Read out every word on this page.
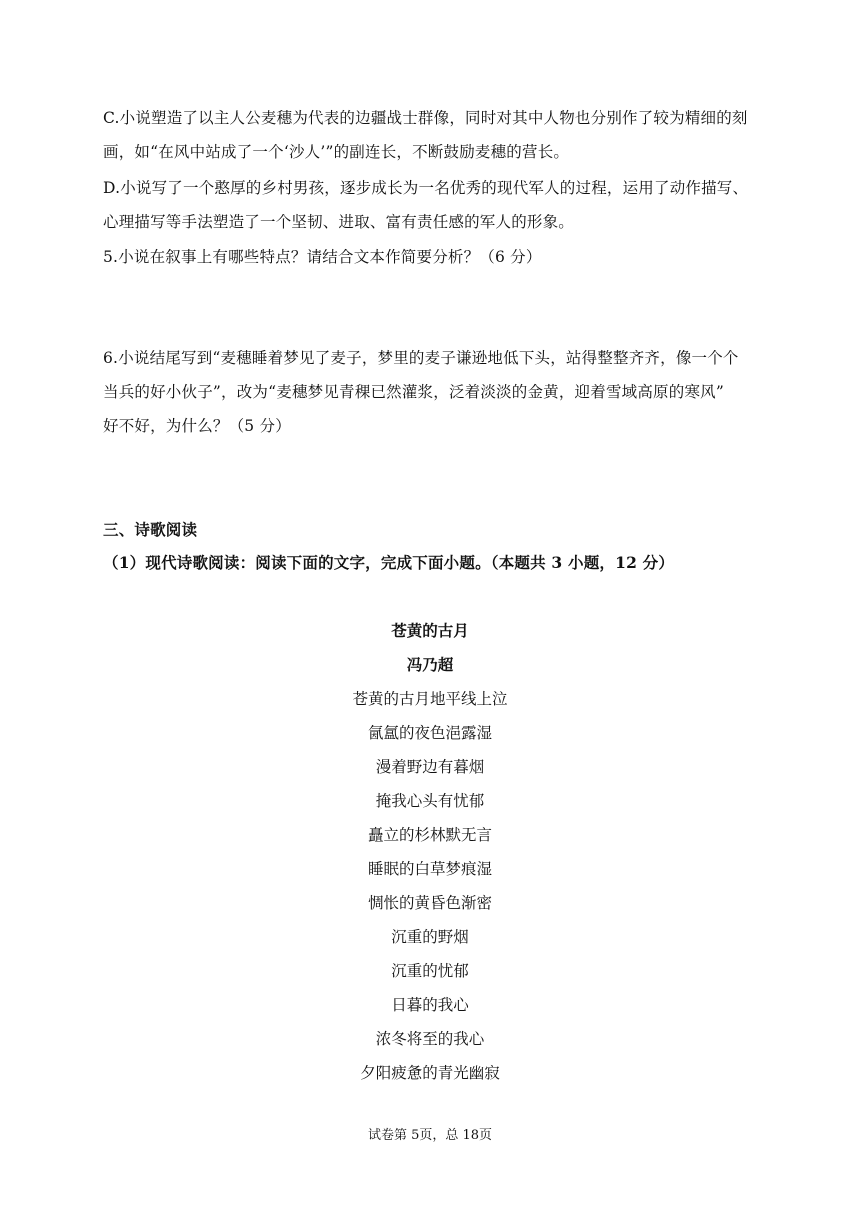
C.小说塑造了以主人公麦穗为代表的边疆战士群像，同时对其中人物也分别作了较为精细的刻
画，如“在风中站成了一个‘沙人’”的副连长，不断鼓励麦穗的营长。

D.小说写了一个憨厚的乡村男孩，逐步成长为一名优秀的现代军人的过程，运用了动作描写、
心理描写等手法塑造了一个坚韧、进取、富有责任感的军人的形象。

5.小说在叙事上有哪些特点？请结合文本作简要分析？（6 分）

6.小说结尾写到“麦穗睡着梦见了麦子，梦里的麦子谦逊地低下头，站得整整齐齐，像一个个
当兵的好小伙子”，改为“麦穗梦见青稞已然灌浆，泛着淡淡的金黄，迎着雪域高原的寒风”
好不好，为什么？（5 分）

三、诗歌阅读

（1）现代诗歌阅读：阅读下面的文字，完成下面小题。（本题共 3 小题，12 分）

苍黄的古月
冯乃超
苍黄的古月地平线上泣
氤氲的夜色浥露湿
漫着野边有暮烟
掩我心头有忧郁
矗立的杉林默无言
睡眠的白草梦痕湿
惆怅的黄昏色渐密
沉重的野烟
沉重的忧郁
日暮的我心
浓冬将至的我心
夕阳疲惫的青光幽寂
试卷第 5页，总 18页
